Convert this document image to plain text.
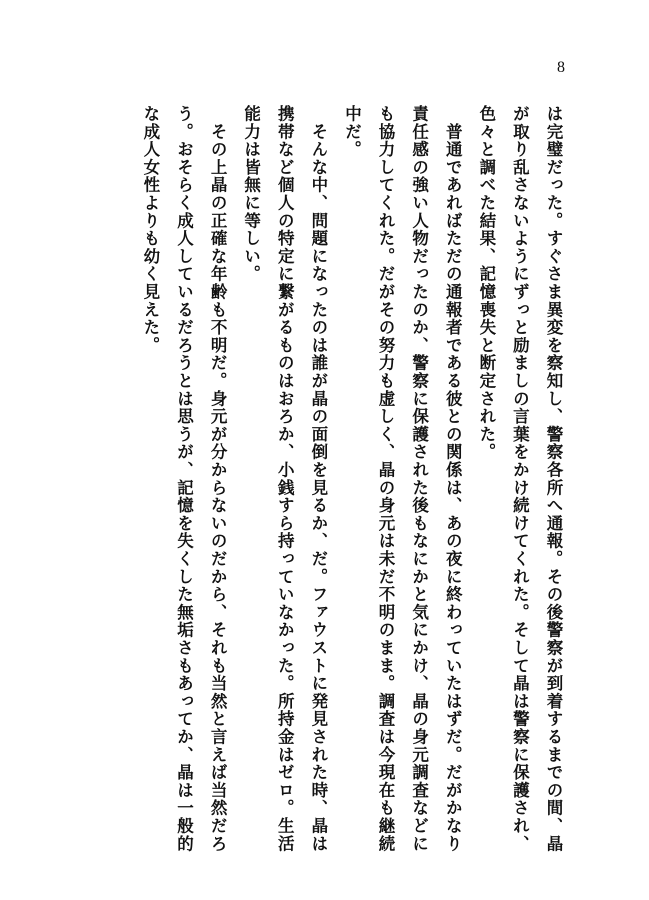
8

は完璧だった。すぐさま異変を察知し、警察各所へ通報。その後警察が到着するまでの間、晶が取り乱さないようにずっと励ましの言葉をかけ続けてくれた。そして晶は警察に保護され、色々と調べた結果、記憶喪失と断定された。

　普通であればただの通報者である彼との関係は、あの夜に終わっていたはずだ。だがかなり責任感の強い人物だったのか、警察に保護された後もなにかと気にかけ、晶の身元調査などにも協力してくれた。だがその努力も虚しく、晶の身元は未だ不明のまま。調査は今現在も継続中だ。

　そんな中、問題になったのは誰が晶の面倒を見るか、だ。ファウストに発見された時、晶は携帯など個人の特定に繋がるものはおろか、小銭すら持っていなかった。所持金はゼロ。生活能力は皆無に等しい。

　その上晶の正確な年齢も不明だ。身元が分からないのだから、それも当然と言えば当然だろう。おそらく成人しているだろうとは思うが、記憶を失くした無垢さもあってか、晶は一般的な成人女性よりも幼く見えた。
